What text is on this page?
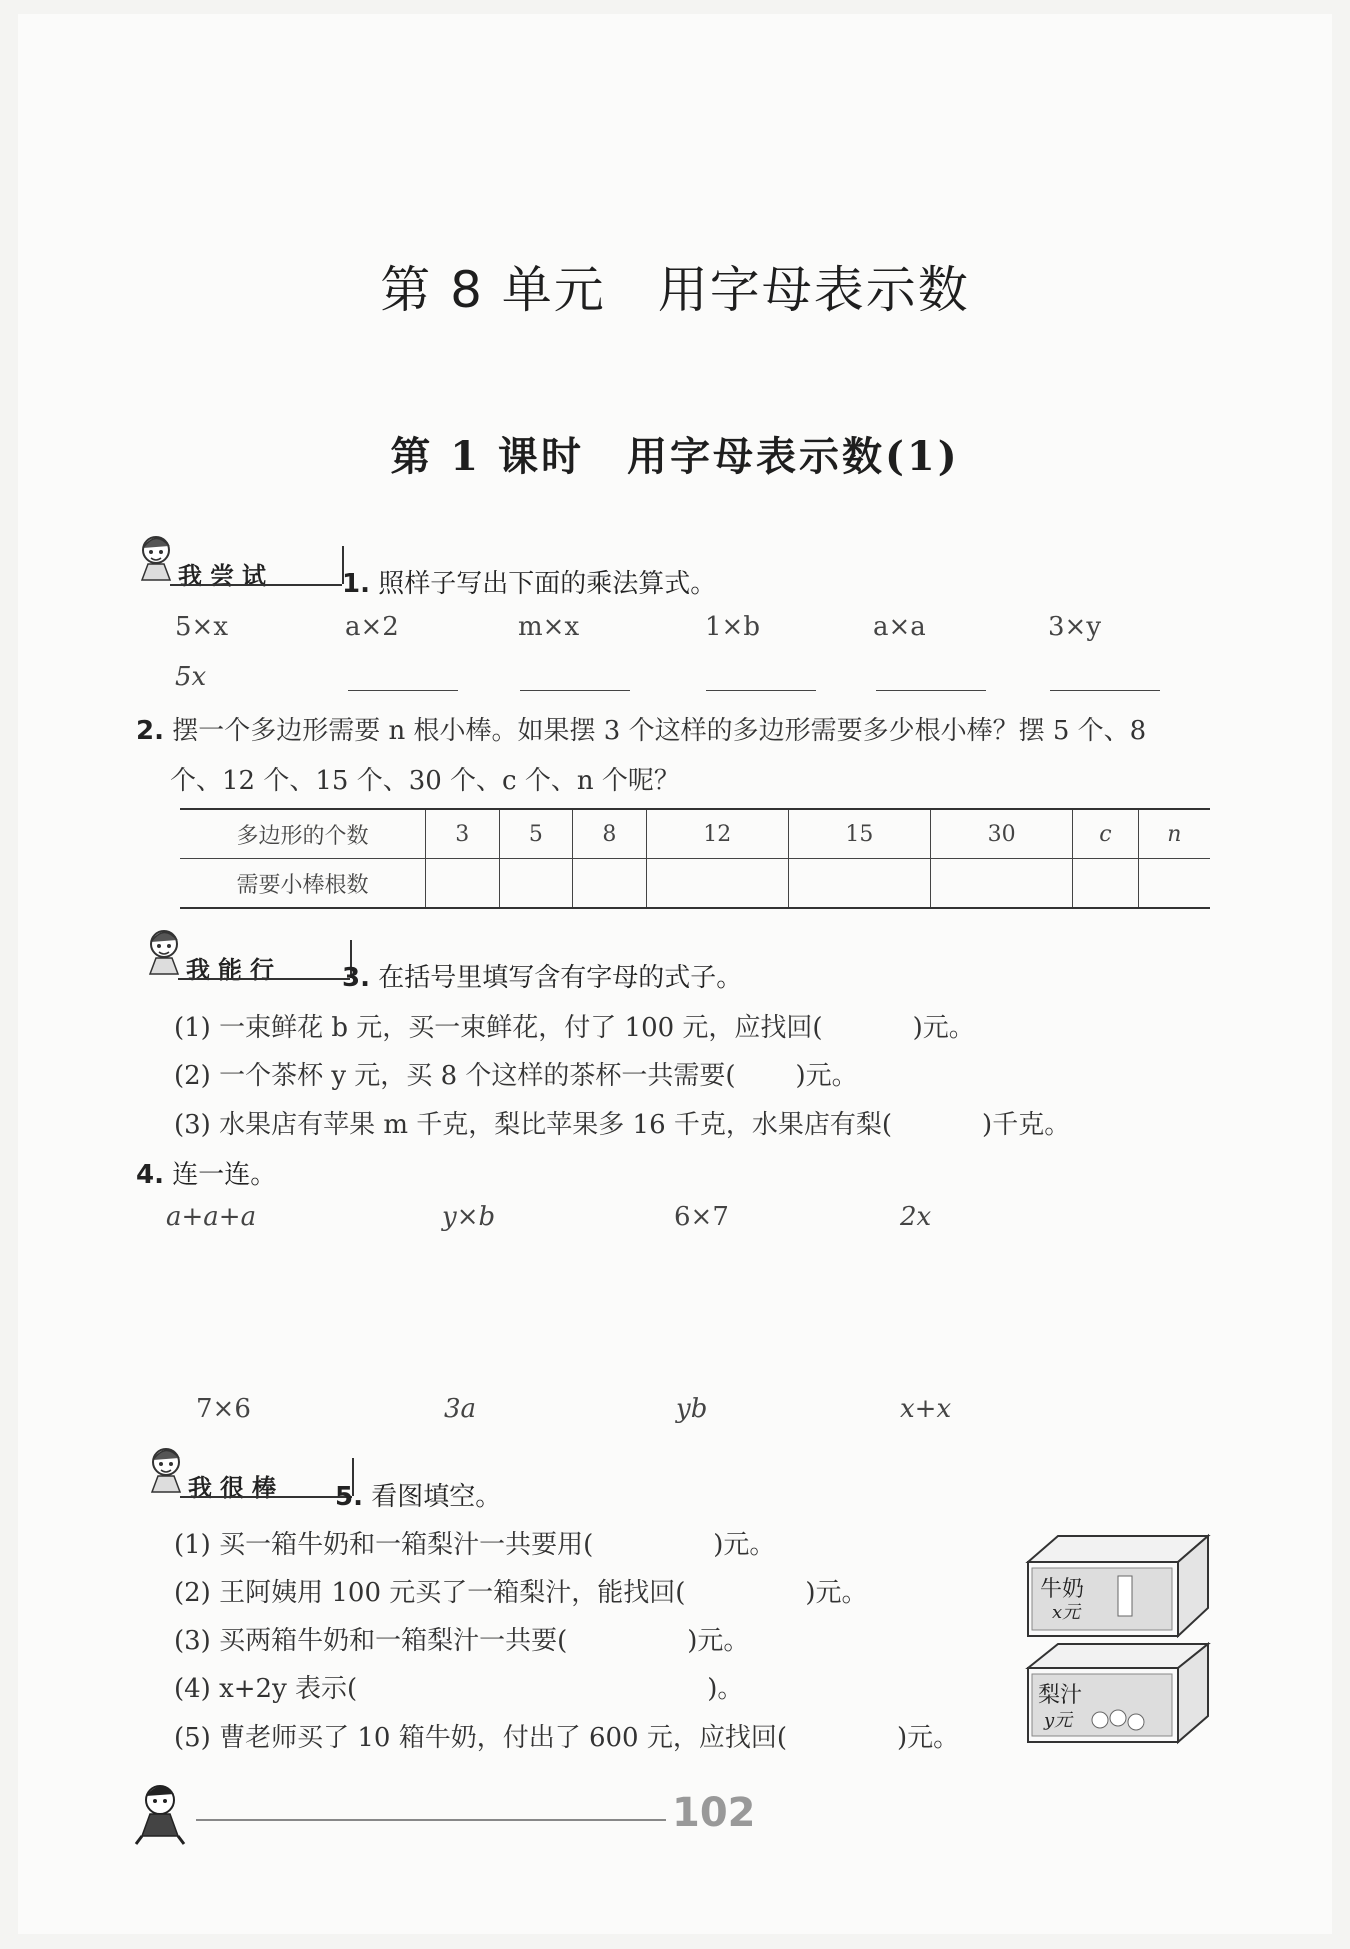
第 8 单元　用字母表示数
第 1 课时　用字母表示数(1)
我尝试	1. 照样子写出下面的乘法算式。
5×x	a×2	m×x	1×b	a×a	3×y
5x
2. 摆一个多边形需要 n 根小棒。如果摆 3 个这样的多边形需要多少根小棒？摆 5 个、8
个、12 个、15 个、30 个、c 个、n 个呢？
多边形的个数	3	5	8	12	15	30	c	n
需要小棒根数								
我能行 3. 在括号里填写含有字母的式子。
(1) 一束鲜花 b 元，买一束鲜花，付了 100 元，应找回(	)元。
(2) 一个茶杯 y 元，买 8 个这样的茶杯一共需要( )元。
(3) 水果店有苹果 m 千克，梨比苹果多 16 千克，水果店有梨(	)千克。
4. 连一连。
a+a+a	y×b	6×7	2x
7×6	3a	yb	x+x
我很棒 5. 看图填空。
(1) 买一箱牛奶和一箱梨汁一共要用(	)元。
(2) 王阿姨用 100 元买了一箱梨汁，能找回(	)元。
(3) 买两箱牛奶和一箱梨汁一共要(	)元。
(4) x+2y 表示(	)。
(5) 曹老师买了 10 箱牛奶，付出了 600 元，应找回(	)元。
牛奶
x元
梨汁
y元
102
